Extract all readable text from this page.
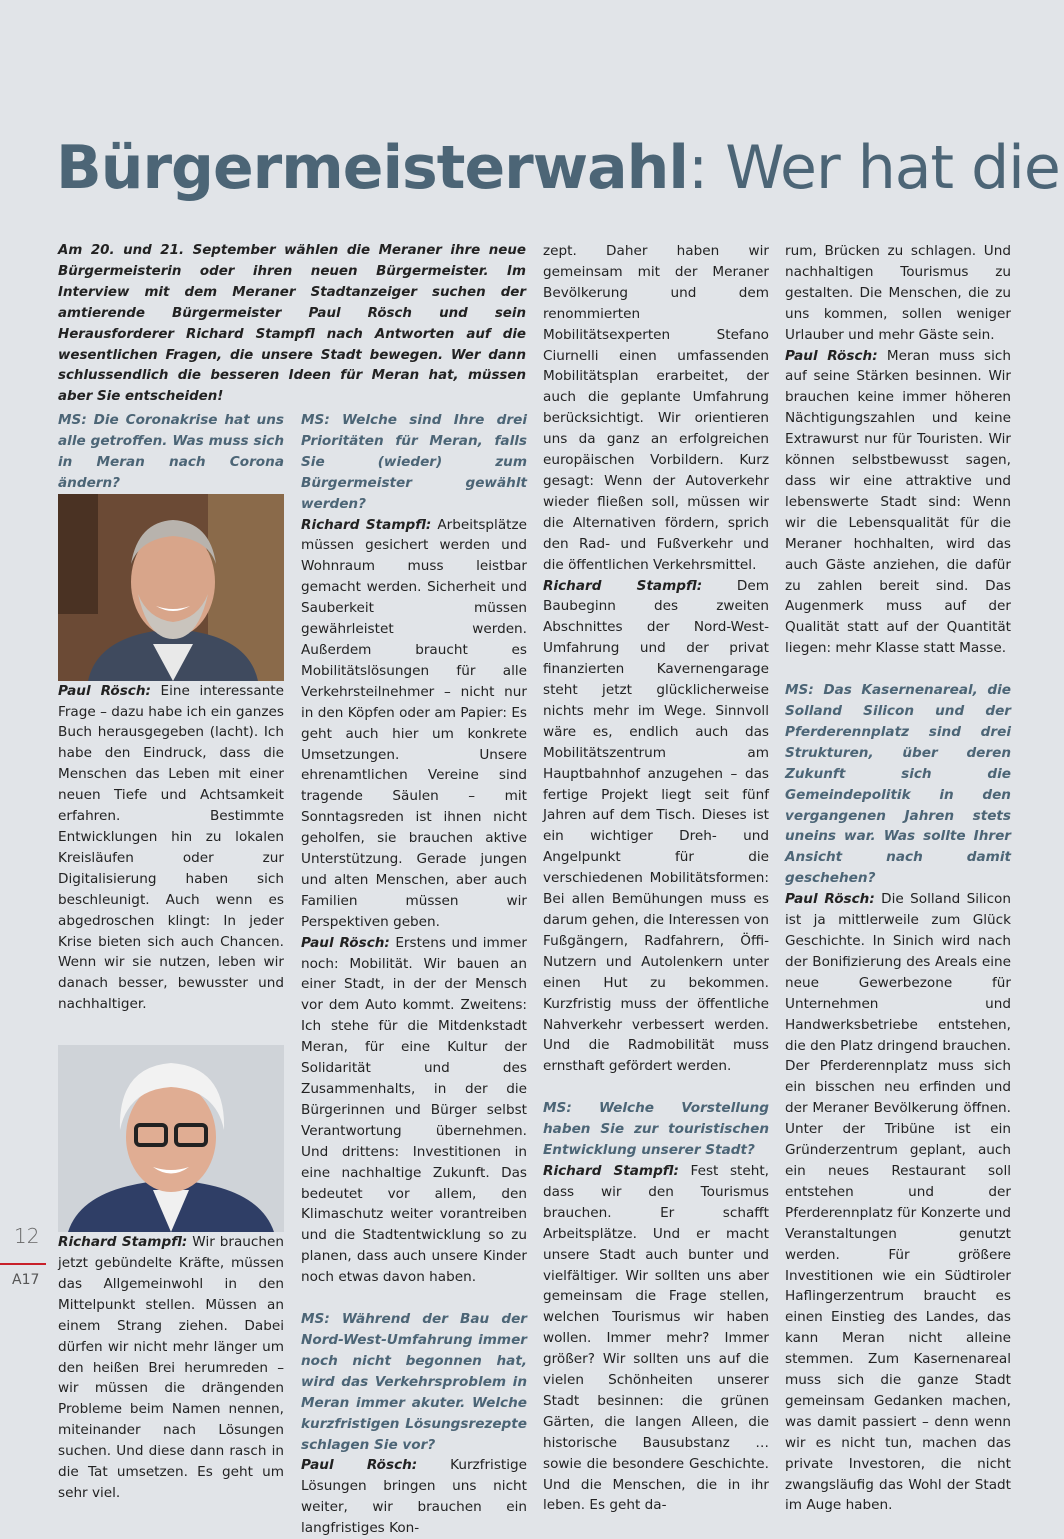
Bürgermeisterwahl: Wer hat die

Am 20. und 21. September wählen die Meraner ihre neue Bürgermeisterin oder ihren neuen Bürgermeister. Im Interview mit dem Meraner Stadtanzeiger suchen der amtierende Bürgermeister Paul Rösch und sein Herausforderer Richard Stampfl nach Antworten auf die wesentlichen Fragen, die unsere Stadt bewegen. Wer dann schlussendlich die besseren Ideen für Meran hat, müssen aber Sie entscheiden!

MS: Die Coronakrise hat uns alle getroffen. Was muss sich in Meran nach Corona ändern?

Paul Rösch: Eine interessante Frage – dazu habe ich ein ganzes Buch herausgegeben (lacht). Ich habe den Eindruck, dass die Menschen das Leben mit einer neuen Tiefe und Achtsamkeit erfahren. Bestimmte Entwicklungen hin zu lokalen Kreisläufen oder zur Digitalisierung haben sich beschleunigt. Auch wenn es abgedroschen klingt: In jeder Krise bieten sich auch Chancen. Wenn wir sie nutzen, leben wir danach besser, bewusster und nachhaltiger.

Richard Stampfl: Wir brauchen jetzt gebündelte Kräfte, müssen das Allgemeinwohl in den Mittelpunkt stellen. Müssen an einem Strang ziehen. Dabei dürfen wir nicht mehr länger um den heißen Brei herumreden – wir müssen die drängenden Probleme beim Namen nennen, miteinander nach Lösungen suchen. Und diese dann rasch in die Tat umsetzen. Es geht um sehr viel.

MS: Welche sind Ihre drei Prioritäten für Meran, falls Sie (wieder) zum Bürgermeister gewählt werden?

Richard Stampfl: Arbeitsplätze müssen gesichert werden und Wohnraum muss leistbar gemacht werden. Sicherheit und Sauberkeit müssen gewährleistet werden. Außerdem braucht es Mobilitätslösungen für alle Verkehrsteilnehmer – nicht nur in den Köpfen oder am Papier: Es geht auch hier um konkrete Umsetzungen. Unsere ehrenamtlichen Vereine sind tragende Säulen – mit Sonntagsreden ist ihnen nicht geholfen, sie brauchen aktive Unterstützung. Gerade jungen und alten Menschen, aber auch Familien müssen wir Perspektiven geben.

Paul Rösch: Erstens und immer noch: Mobilität. Wir bauen an einer Stadt, in der der Mensch vor dem Auto kommt. Zweitens: Ich stehe für die Mitdenkstadt Meran, für eine Kultur der Solidarität und des Zusammenhalts, in der die Bürgerinnen und Bürger selbst Verantwortung übernehmen. Und drittens: Investitionen in eine nachhaltige Zukunft. Das bedeutet vor allem, den Klimaschutz weiter vorantreiben und die Stadtentwicklung so zu planen, dass auch unsere Kinder noch etwas davon haben.

MS: Während der Bau der Nord-West-Umfahrung immer noch nicht begonnen hat, wird das Verkehrsproblem in Meran immer akuter. Welche kurzfristigen Lösungsrezepte schlagen Sie vor?

Paul Rösch: Kurzfristige Lösungen bringen uns nicht weiter, wir brauchen ein langfristiges Kon-

zept. Daher haben wir gemeinsam mit der Meraner Bevölkerung und dem renommierten Mobilitätsexperten Stefano Ciurnelli einen umfassenden Mobilitätsplan erarbeitet, der auch die geplante Umfahrung berücksichtigt. Wir orientieren uns da ganz an erfolgreichen europäischen Vorbildern. Kurz gesagt: Wenn der Autoverkehr wieder fließen soll, müssen wir die Alternativen fördern, sprich den Rad- und Fußverkehr und die öffentlichen Verkehrsmittel.

Richard Stampfl: Dem Baubeginn des zweiten Abschnittes der Nord-West-Umfahrung und der privat finanzierten Kavernengarage steht jetzt glücklicherweise nichts mehr im Wege. Sinnvoll wäre es, endlich auch das Mobilitätszentrum am Hauptbahnhof anzugehen – das fertige Projekt liegt seit fünf Jahren auf dem Tisch. Dieses ist ein wichtiger Dreh- und Angelpunkt für die verschiedenen Mobilitätsformen: Bei allen Bemühungen muss es darum gehen, die Interessen von Fußgängern, Radfahrern, Öffi-Nutzern und Autolenkern unter einen Hut zu bekommen. Kurzfristig muss der öffentliche Nahverkehr verbessert werden. Und die Radmobilität muss ernsthaft gefördert werden.

MS: Welche Vorstellung haben Sie zur touristischen Entwicklung unserer Stadt?

Richard Stampfl: Fest steht, dass wir den Tourismus brauchen. Er schafft Arbeitsplätze. Und er macht unsere Stadt auch bunter und vielfältiger. Wir sollten uns aber gemeinsam die Frage stellen, welchen Tourismus wir haben wollen. Immer mehr? Immer größer? Wir sollten uns auf die vielen Schönheiten unserer Stadt besinnen: die grünen Gärten, die langen Alleen, die historische Bausubstanz … sowie die besondere Geschichte. Und die Menschen, die in ihr leben. Es geht da-

rum, Brücken zu schlagen. Und nachhaltigen Tourismus zu gestalten. Die Menschen, die zu uns kommen, sollen weniger Urlauber und mehr Gäste sein.

Paul Rösch: Meran muss sich auf seine Stärken besinnen. Wir brauchen keine immer höheren Nächtigungszahlen und keine Extrawurst nur für Touristen. Wir können selbstbewusst sagen, dass wir eine attraktive und lebenswerte Stadt sind: Wenn wir die Lebensqualität für die Meraner hochhalten, wird das auch Gäste anziehen, die dafür zu zahlen bereit sind. Das Augenmerk muss auf der Qualität statt auf der Quantität liegen: mehr Klasse statt Masse.

MS: Das Kasernenareal, die Solland Silicon und der Pferderennplatz sind drei Strukturen, über deren Zukunft sich die Gemeindepolitik in den vergangenen Jahren stets uneins war. Was sollte Ihrer Ansicht nach damit geschehen?

Paul Rösch: Die Solland Silicon ist ja mittlerweile zum Glück Geschichte. In Sinich wird nach der Bonifizierung des Areals eine neue Gewerbezone für Unternehmen und Handwerksbetriebe entstehen, die den Platz dringend brauchen. Der Pferderennplatz muss sich ein bisschen neu erfinden und der Meraner Bevölkerung öffnen. Unter der Tribüne ist ein Gründerzentrum geplant, auch ein neues Restaurant soll entstehen und der Pferderennplatz für Konzerte und Veranstaltungen genutzt werden. Für größere Investitionen wie ein Südtiroler Haflingerzentrum braucht es einen Einstieg des Landes, das kann Meran nicht alleine stemmen. Zum Kasernenareal muss sich die ganze Stadt gemeinsam Gedanken machen, was damit passiert – denn wenn wir es nicht tun, machen das private Investoren, die nicht zwangsläufig das Wohl der Stadt im Auge haben.

12
A17
